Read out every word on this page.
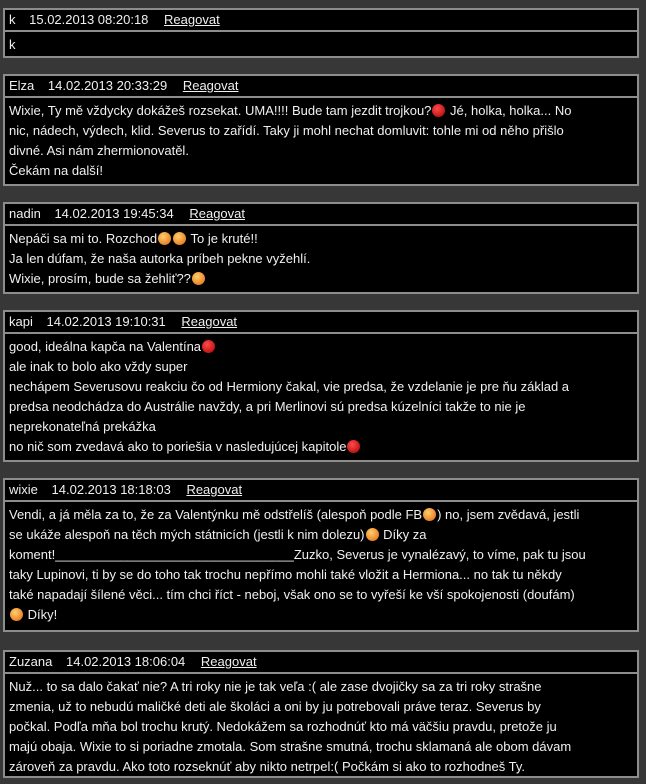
k 15.02.2013 08:20:18 Reagovat
k
Elza 14.02.2013 20:33:29 Reagovat
Wixie, Ty mě vždycky dokážeš rozsekat. UMA!!!! Bude tam jezdit trojkou? Jé, holka, holka... No
nic, nádech, výdech, klid. Severus to zařídí. Taky ji mohl nechat domluvit: tohle mi od něho přišlo
divné. Asi nám zhermionovatěl.
Čekám na další!
nadin 14.02.2013 19:45:34 Reagovat
Nepáči sa mi to. Rozchod To je kruté!!
Ja len dúfam, že naša autorka príbeh pekne vyžehlí.
Wixie, prosím, bude sa žehliť??
kapi 14.02.2013 19:10:31 Reagovat
good, ideálna kapča na Valentína
ale inak to bolo ako vždy super
nechápem Severusovu reakciu čo od Hermiony čakal, vie predsa, že vzdelanie je pre ňu základ a
predsa neodchádza do Austrálie navždy, a pri Merlinovi sú predsa kúzelníci takže to nie je
neprekonateľná prekážka
no nič som zvedavá ako to poriešia v nasledujúcej kapitole
wixie 14.02.2013 18:18:03 Reagovat
Vendi, a já měla za to, že za Valentýnku mě odstřelíš (alespoň podle FB ) no, jsem zvědavá, jestli
se ukáže alespoň na těch mých státnicích (jestli k nim dolezu) Díky za
koment!_________________________________Zuzko, Severus je vynalézavý, to víme, pak tu jsou
taky Lupinovi, ti by se do toho tak trochu nepřímo mohli také vložit a Hermiona... no tak tu někdy
také napadají šílené věci... tím chci říct - neboj, však ono se to vyřeší ke vší spokojenosti (doufám)
Díky!
Zuzana 14.02.2013 18:06:04 Reagovat
Nuž... to sa dalo čakať nie? A tri roky nie je tak veľa :( ale zase dvojičky sa za tri roky strašne
zmenia, už to nebudú maličké deti ale školáci a oni by ju potrebovali práve teraz. Severus by
počkal. Podľa mňa bol trochu krutý. Nedokážem sa rozhodnúť kto má väčšiu pravdu, pretože ju
majú obaja. Wixie to si poriadne zmotala. Som strašne smutná, trochu sklamaná ale obom dávam
zároveň za pravdu. Ako toto rozseknúť aby nikto netrpel:( Počkám si ako to rozhodneš Ty.
